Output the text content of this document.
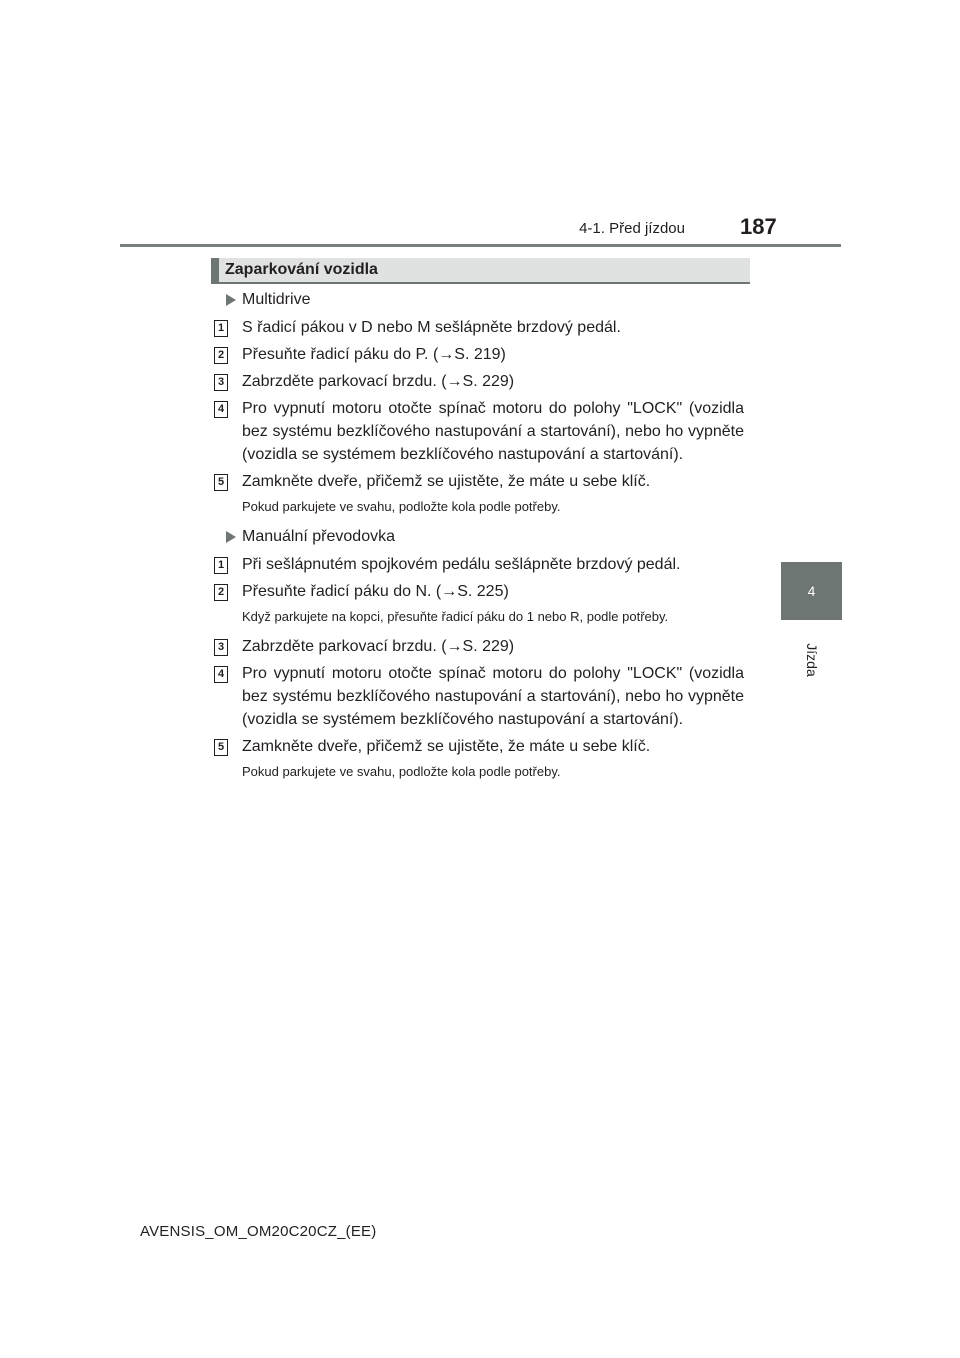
4-1. Před jízdou	187
4
Jízda
Zaparkování vozidla
Multidrive
1 S řadicí pákou v D nebo M sešlápněte brzdový pedál.
2 Přesuňte řadicí páku do P. (→S. 219)
3 Zabrzděte parkovací brzdu. (→S. 229)
4 Pro vypnutí motoru otočte spínač motoru do polohy "LOCK" (vozidla bez systému bezklíčového nastupování a startování), nebo ho vypněte (vozidla se systémem bezklíčového nastupování a startování).
5 Zamkněte dveře, přičemž se ujistěte, že máte u sebe klíč.
Pokud parkujete ve svahu, podložte kola podle potřeby.
Manuální převodovka
1 Při sešlápnutém spojkovém pedálu sešlápněte brzdový pedál.
2 Přesuňte řadicí páku do N. (→S. 225)
Když parkujete na kopci, přesuňte řadicí páku do 1 nebo R, podle potřeby.
3 Zabrzděte parkovací brzdu. (→S. 229)
4 Pro vypnutí motoru otočte spínač motoru do polohy "LOCK" (vozidla bez systému bezklíčového nastupování a startování), nebo ho vypněte (vozidla se systémem bezklíčového nastupování a startování).
5 Zamkněte dveře, přičemž se ujistěte, že máte u sebe klíč.
Pokud parkujete ve svahu, podložte kola podle potřeby.
AVENSIS_OM_OM20C20CZ_(EE)
